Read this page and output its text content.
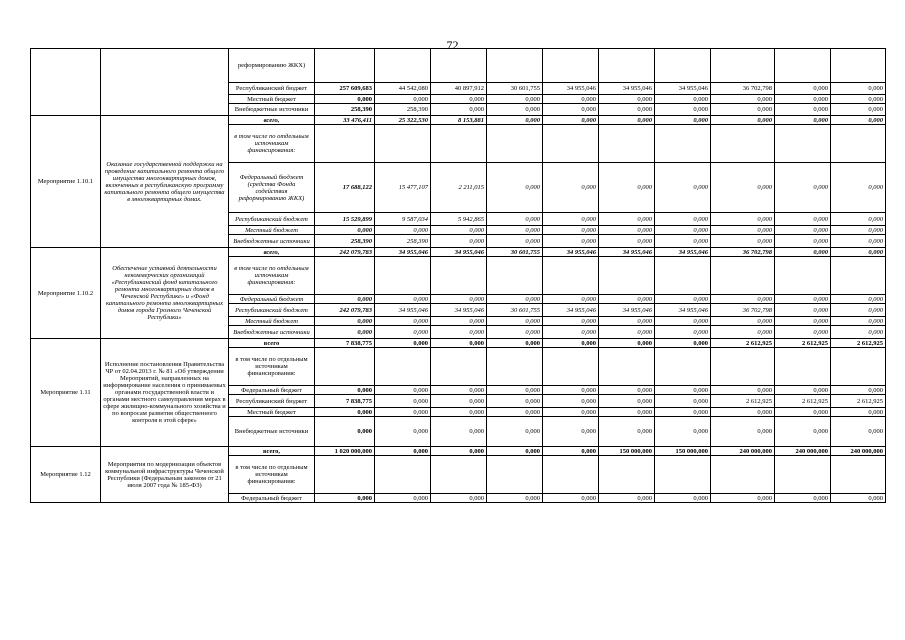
72
		реформированию ЖКХ)										
		Республиканский бюджет	257 609,683	44 542,080	40 897,912	30 601,755	34 955,046	34 955,046	34 955,046	36 702,798	0,000	0,000
		Местный бюджет	0,000	0,000	0,000	0,000	0,000	0,000	0,000	0,000	0,000	0,000
		Внебюджетные источники	258,390	258,390	0,000	0,000	0,000	0,000	0,000	0,000	0,000	0,000
Мероприятие 1.10.1	Оказание государственной поддержки на проведение капитального ремонта общего имущества многоквартирных домов, включенных в республиканскую программу капитального ремонта общего имущества в многоквартирных домах.	всего,	33 476,411	25 322,530	8 153,881	0,000	0,000	0,000	0,000	0,000	0,000	0,000
		в том числе по отдельным источникам финансирования:										
		Федеральный бюджет (средства Фонда содействия реформированию ЖКХ)	17 688,122	15 477,107	2 211,015	0,000	0,000	0,000	0,000	0,000	0,000	0,000
		Республиканский бюджет	15 529,899	9 587,034	5 942,865	0,000	0,000	0,000	0,000	0,000	0,000	0,000
		Местный бюджет	0,000	0,000	0,000	0,000	0,000	0,000	0,000	0,000	0,000	0,000
		Внебюджетные источники	258,390	258,390	0,000	0,000	0,000	0,000	0,000	0,000	0,000	0,000
Мероприятие 1.10.2	Обеспечение уставной деятельности некоммерческих организаций «Республиканский фонд капитального ремонта многоквартирных домов в Чеченской Республике» и «Фонд капитального ремонта многоквартирных домов города Грозного Чеченской Республики»	всего,	242 079,783	34 955,046	34 955,046	30 601,755	34 955,046	34 955,046	34 955,046	36 702,798	0,000	0,000
		в том числе по отдельным источникам финансирования:										
		Федеральный бюджет	0,000	0,000	0,000	0,000	0,000	0,000	0,000	0,000	0,000	0,000
		Республиканский бюджет	242 079,783	34 955,046	34 955,046	30 601,755	34 955,046	34 955,046	34 955,046	36 702,798	0,000	0,000
		Местный бюджет	0,000	0,000	0,000	0,000	0,000	0,000	0,000	0,000	0,000	0,000
		Внебюджетные источники	0,000	0,000	0,000	0,000	0,000	0,000	0,000	0,000	0,000	0,000
Мероприятие 1.11	Исполнение постановления Правительства ЧР от 02.04.2013 г. № 81 «Об утверждении Мероприятий, направленных на информирование населения о принимаемых органами государственной власти и органами местного самоуправления мерах в сфере жилищно-коммунального хозяйства и по вопросам развития общественного контроля в этой сфере»	всего	7 838,775	0,000	0,000	0,000	0,000	0,000	0,000	2 612,925	2 612,925	2 612,925
		в том числе по отдельным источникам финансирования:										
		Федеральный бюджет	0,000	0,000	0,000	0,000	0,000	0,000	0,000	0,000	0,000	0,000
		Республиканский бюджет	7 838,775	0,000	0,000	0,000	0,000	0,000	0,000	2 612,925	2 612,925	2 612,925
		Местный бюджет	0,000	0,000	0,000	0,000	0,000	0,000	0,000	0,000	0,000	0,000
		Внебюджетные источники	0,000	0,000	0,000	0,000	0,000	0,000	0,000	0,000	0,000	0,000
Мероприятие 1.12	Мероприятия по модернизации объектов коммунальной инфраструктуры Чеченской Республики (Федеральным законом от 21 июля 2007 года № 185-ФЗ)	всего,	1 020 000,000	0,000	0,000	0,000	0,000	150 000,000	150 000,000	240 000,000	240 000,000	240 000,000
		в том числе по отдельным источникам финансирования:										
		Федеральный бюджет	0,000	0,000	0,000	0,000	0,000	0,000	0,000	0,000	0,000	0,000
